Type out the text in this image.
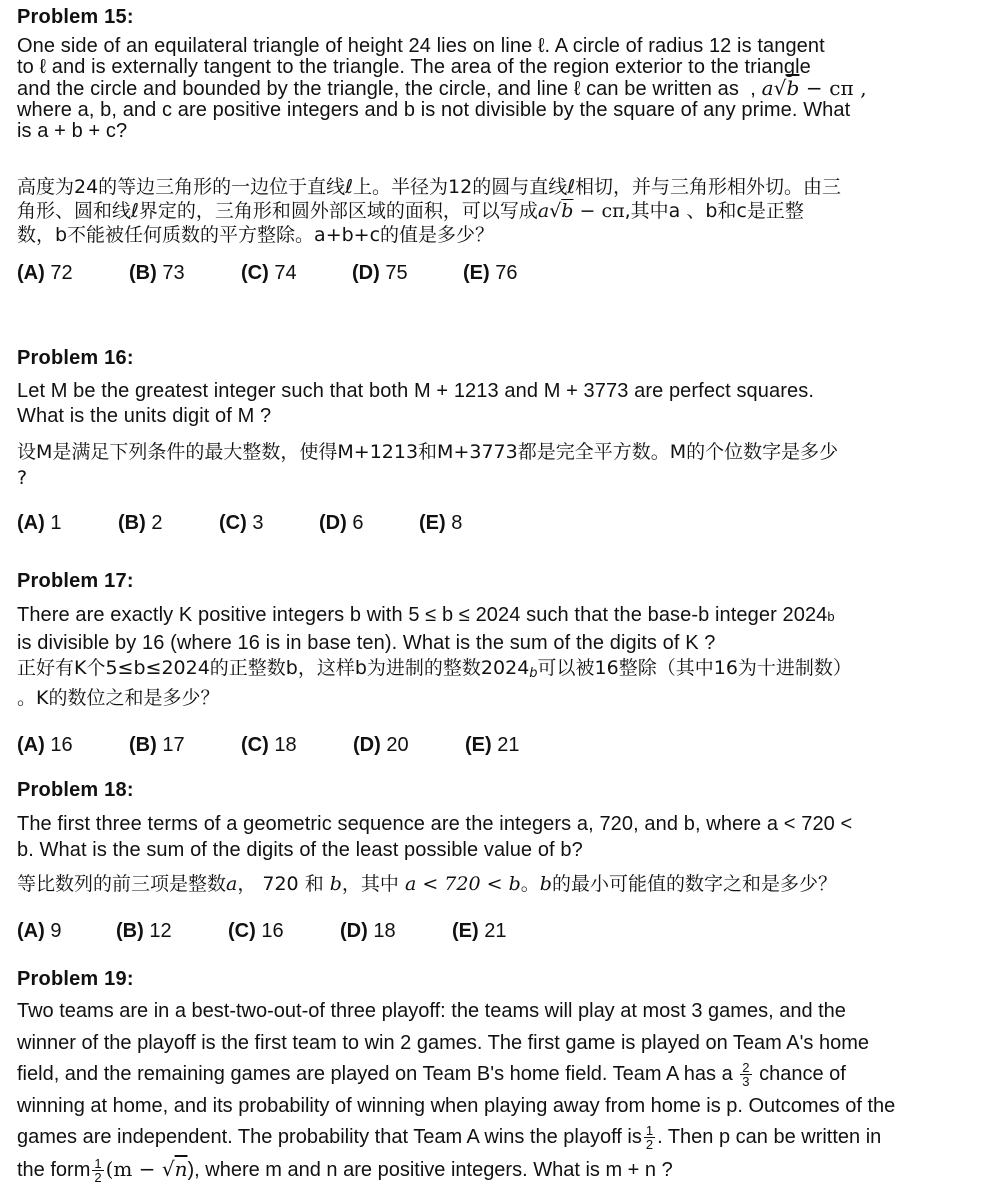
Problem 15:
One side of an equilateral triangle of height 24 lies on line ℓ. A circle of radius 12 is tangent
to ℓ and is externally tangent to the triangle. The area of the region exterior to the triangle
and the circle and bounded by the triangle, the circle, and line ℓ can be written as  , a√b − cπ ,
where a, b, and c are positive integers and b is not divisible by the square of any prime. What
is a + b + c?
高度为24的等边三角形的一边位于直线ℓ上。半径为12的圆与直线ℓ相切，并与三角形相外切。由三
角形、圆和线ℓ界定的，三角形和圆外部区域的面积，可以写成a√b − cπ,其中a 、b和c是正整
数，b不能被任何质数的平方整除。a+b+c的值是多少？
(A) 72	(B) 73	(C) 74	(D) 75	(E) 76
Problem 16:
Let M be the greatest integer such that both M + 1213 and M + 3773 are perfect squares.
What is the units digit of M ?
设M是满足下列条件的最大整数，使得M+1213和M+3773都是完全平方数。M的个位数字是多少
?
(A) 1	(B) 2	(C) 3	(D) 6	(E) 8
Problem 17:
There are exactly K positive integers b with 5 ≤ b ≤ 2024 such that the base-b integer 2024b
is divisible by 16 (where 16 is in base ten). What is the sum of the digits of K ?
正好有K个5≤b≤2024的正整数b，这样b为进制的整数$2024_b$可以被16整除（其中16为十进制数）
。K的数位之和是多少？
(A) 16	(B) 17	(C) 18	(D) 20	(E) 21
Problem 18:
The first three terms of a geometric sequence are the integers a, 720, and b, where a < 720 <
b. What is the sum of the digits of the least possible value of b?
等比数列的前三项是整数a， 720 和 b，其中 a < 720 < b。b的最小可能值的数字之和是多少？
(A) 9	(B) 12	(C) 16	(D) 18	(E) 21
Problem 19:
Two teams are in a best-two-out-of three playoff: the teams will play at most 3 games, and the
winner of the playoff is the first team to win 2 games. The first game is played on Team A's home
field, and the remaining games are played on Team B's home field. Team A has a $\frac{2}{3}$ chance of
winning at home, and its probability of winning when playing away from home is p. Outcomes of the
games are independent. The probability that Team A wins the playoff is $\frac{1}{2}$ . Then p can be written in
the form $\frac{1}{2} (m - √n)$, where m and n are positive integers. What is m + n ?
